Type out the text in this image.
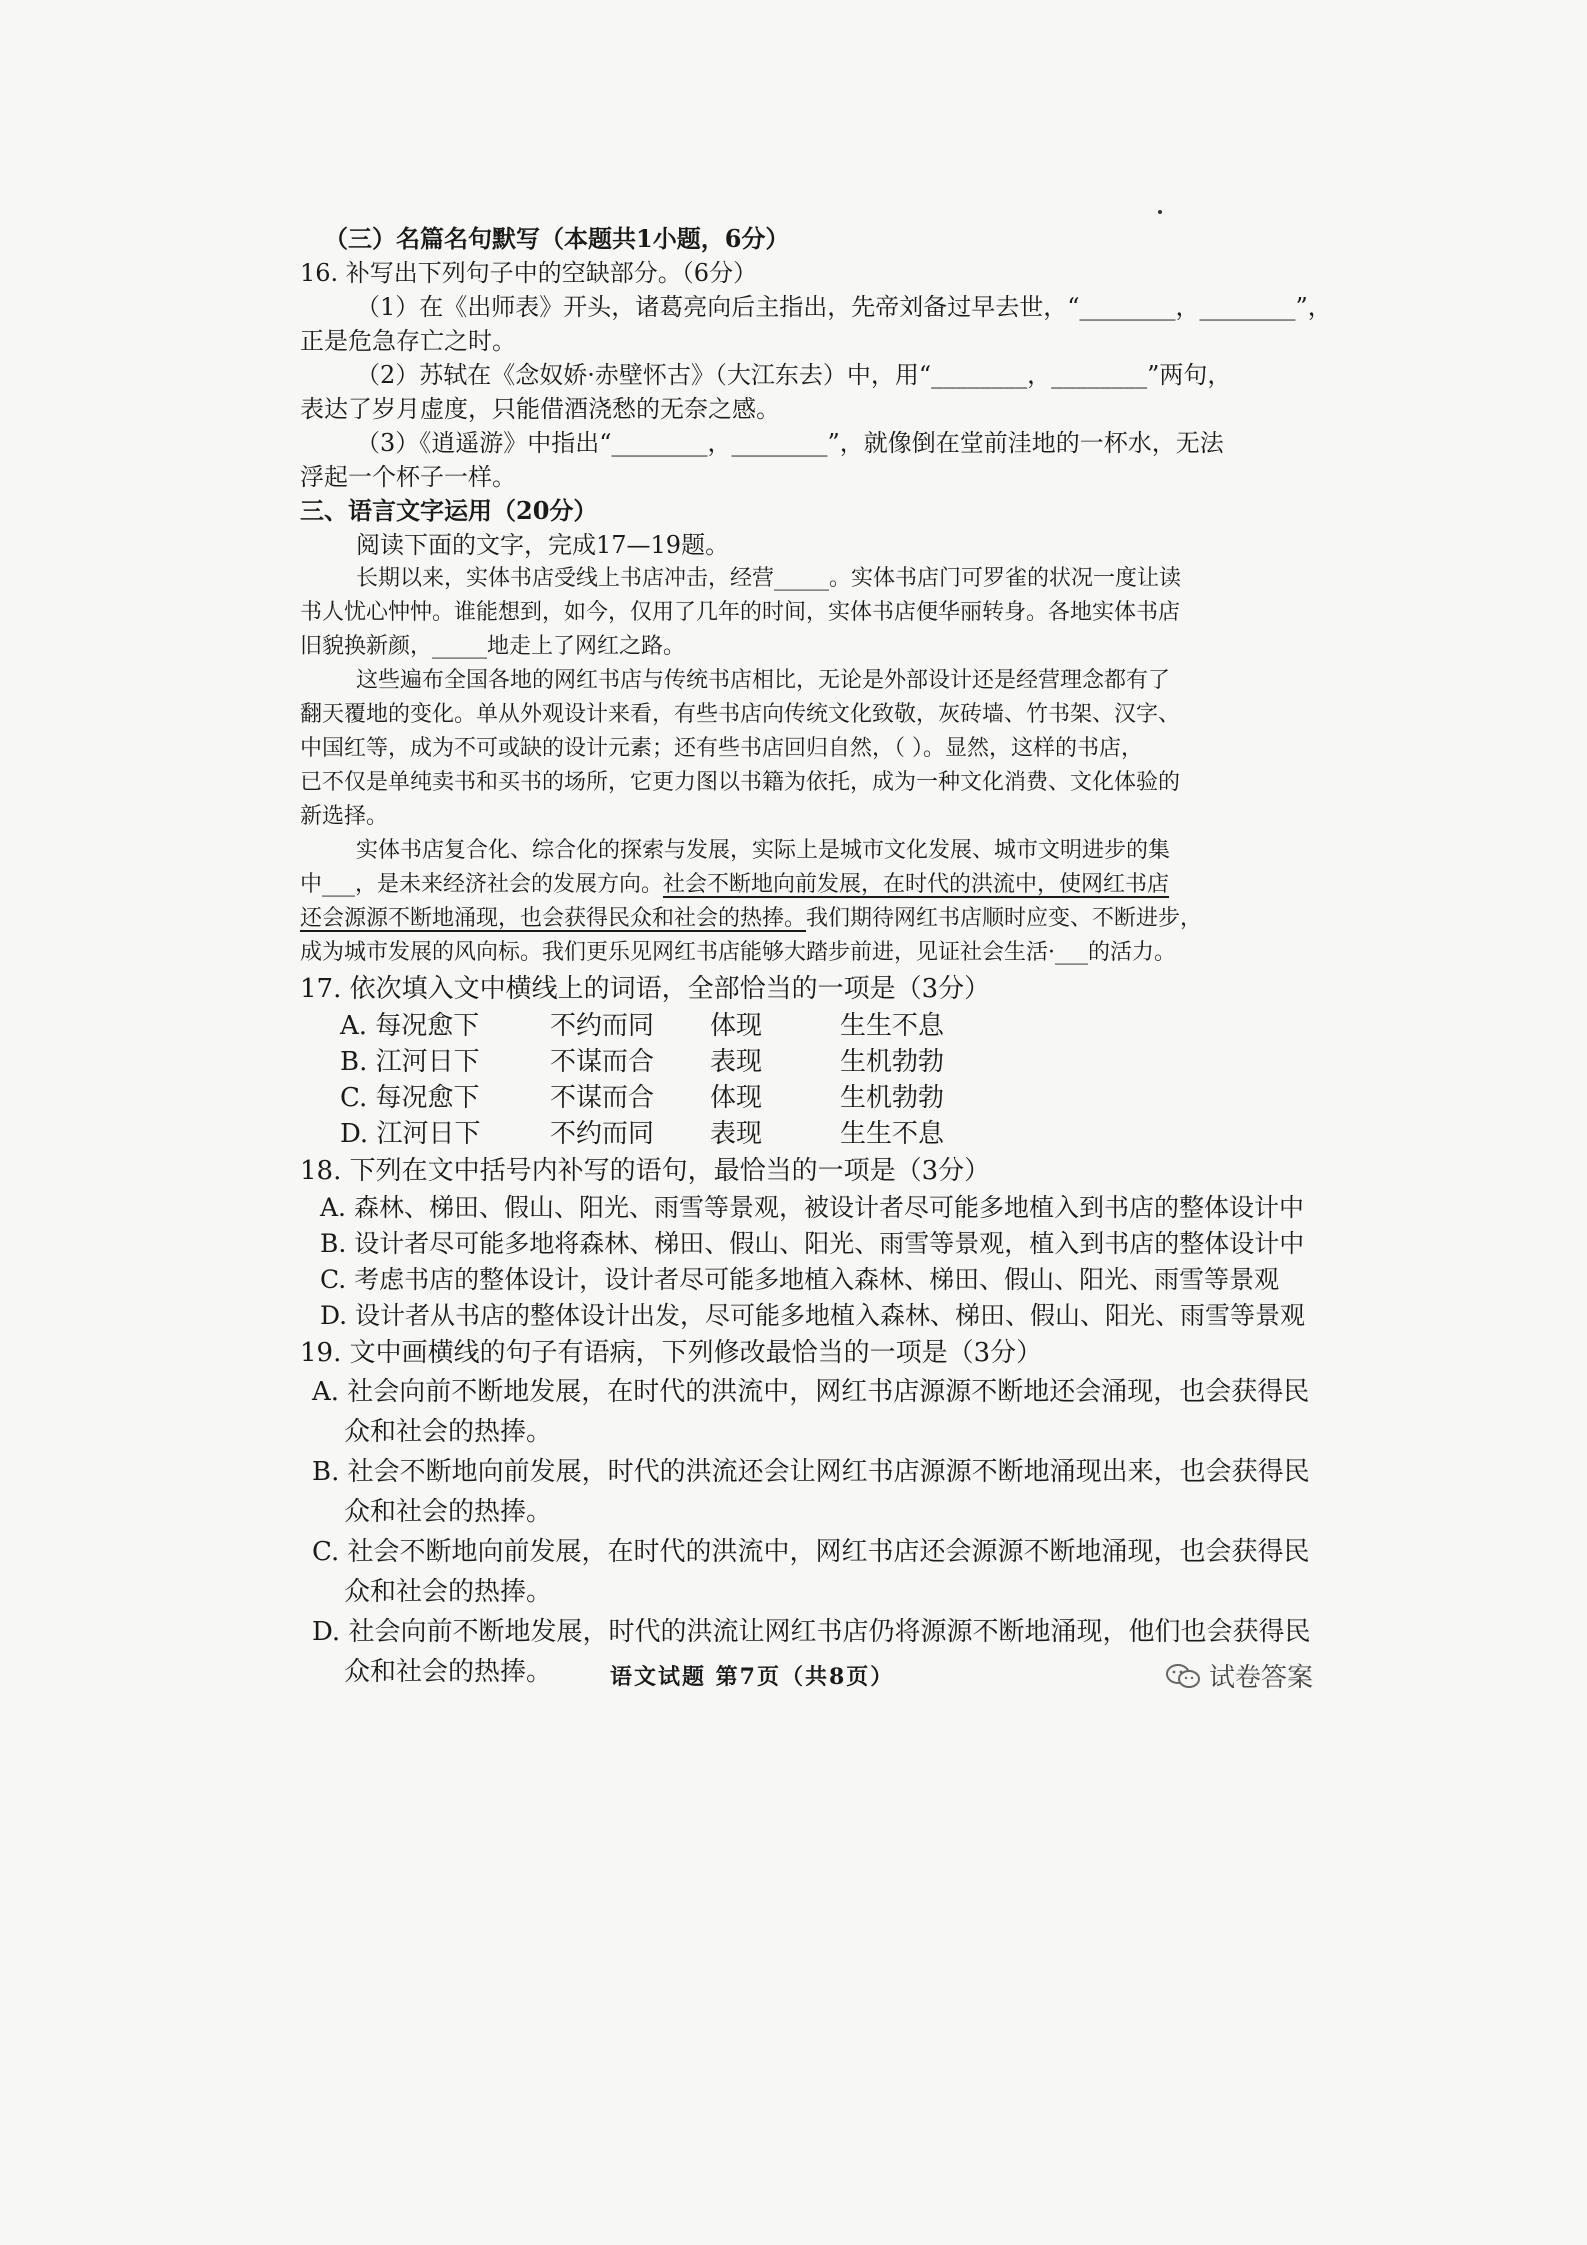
（三）名篇名句默写（本题共1小题，6分）
16. 补写出下列句子中的空缺部分。（6分）
（1）在《出师表》开头，诸葛亮向后主指出，先帝刘备过早去世，“________，________”，
正是危急存亡之时。
（2）苏轼在《念奴娇·赤壁怀古》（大江东去）中，用“________，________”两句，
表达了岁月虚度，只能借酒浇愁的无奈之感。
（3）《逍遥游》中指出“________，________”，就像倒在堂前洼地的一杯水，无法
浮起一个杯子一样。
三、语言文字运用（20分）
阅读下面的文字，完成17—19题。
长期以来，实体书店受线上书店冲击，经营_____。实体书店门可罗雀的状况一度让读
书人忧心忡忡。谁能想到，如今，仅用了几年的时间，实体书店便华丽转身。各地实体书店
旧貌换新颜，_____地走上了网红之路。
这些遍布全国各地的网红书店与传统书店相比，无论是外部设计还是经营理念都有了
翻天覆地的变化。单从外观设计来看，有些书店向传统文化致敬，灰砖墙、竹书架、汉字、
中国红等，成为不可或缺的设计元素；还有些书店回归自然，（ ）。显然，这样的书店，
已不仅是单纯卖书和买书的场所，它更力图以书籍为依托，成为一种文化消费、文化体验的
新选择。
实体书店复合化、综合化的探索与发展，实际上是城市文化发展、城市文明进步的集
中___，是未来经济社会的发展方向。社会不断地向前发展，在时代的洪流中，使网红书店
还会源源不断地涌现，也会获得民众和社会的热捧。我们期待网红书店顺时应变、不断进步，
成为城市发展的风向标。我们更乐见网红书店能够大踏步前进，见证社会生活·___的活力。
17. 依次填入文中横线上的词语，全部恰当的一项是（3分）
A. 每况愈下	不约而同	体现	生生不息
B. 江河日下	不谋而合	表现	生机勃勃
C. 每况愈下	不谋而合	体现	生机勃勃
D. 江河日下	不约而同	表现	生生不息
18. 下列在文中括号内补写的语句，最恰当的一项是（3分）
A. 森林、梯田、假山、阳光、雨雪等景观，被设计者尽可能多地植入到书店的整体设计中
B. 设计者尽可能多地将森林、梯田、假山、阳光、雨雪等景观，植入到书店的整体设计中
C. 考虑书店的整体设计，设计者尽可能多地植入森林、梯田、假山、阳光、雨雪等景观
D. 设计者从书店的整体设计出发，尽可能多地植入森林、梯田、假山、阳光、雨雪等景观
19. 文中画横线的句子有语病，下列修改最恰当的一项是（3分）
A. 社会向前不断地发展，在时代的洪流中，网红书店源源不断地还会涌现，也会获得民
众和社会的热捧。
B. 社会不断地向前发展，时代的洪流还会让网红书店源源不断地涌现出来，也会获得民
众和社会的热捧。
C. 社会不断地向前发展，在时代的洪流中，网红书店还会源源不断地涌现，也会获得民
众和社会的热捧。
D. 社会向前不断地发展，时代的洪流让网红书店仍将源源不断地涌现，他们也会获得民
众和社会的热捧。	语文试题 第7页（共8页）	试卷答案
